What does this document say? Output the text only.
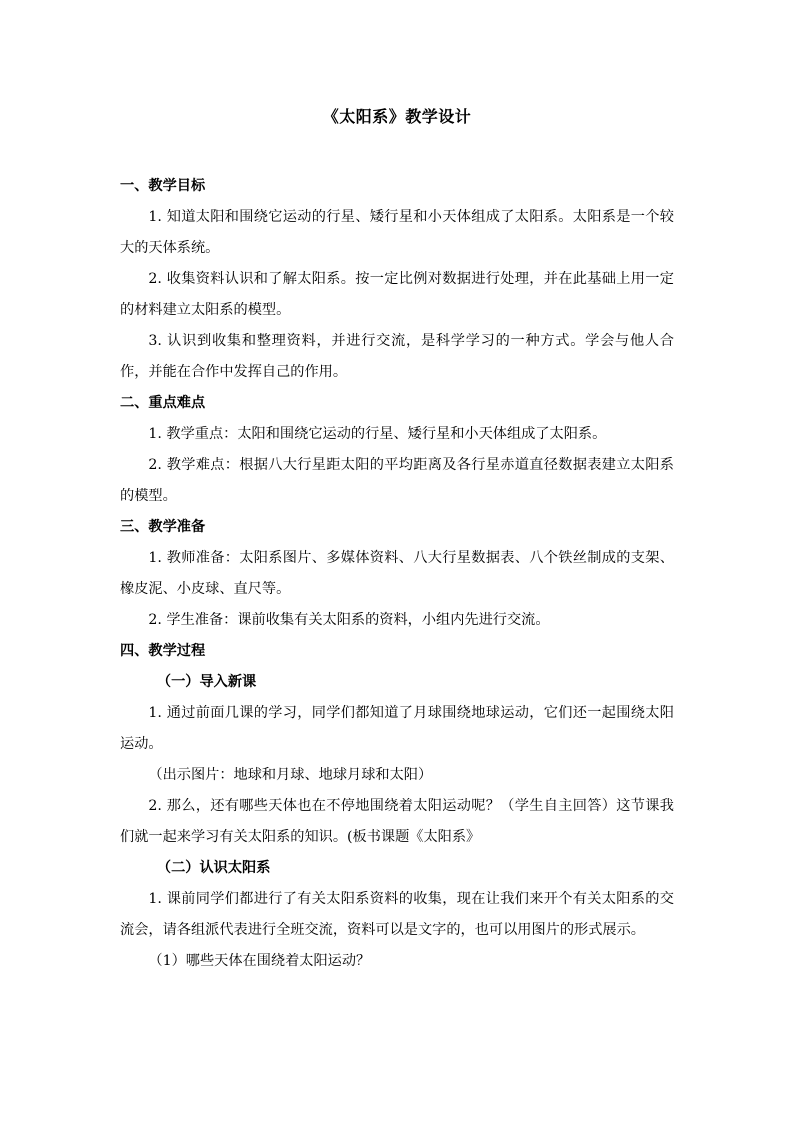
《太阳系》教学设计

一、教学目标

1. 知道太阳和围绕它运动的行星、矮行星和小天体组成了太阳系。太阳系是一个较大的天体系统。

2. 收集资料认识和了解太阳系。按一定比例对数据进行处理，并在此基础上用一定的材料建立太阳系的模型。

3. 认识到收集和整理资料，并进行交流，是科学学习的一种方式。学会与他人合作，并能在合作中发挥自己的作用。

二、重点难点

1. 教学重点：太阳和围绕它运动的行星、矮行星和小天体组成了太阳系。

2. 教学难点：根据八大行星距太阳的平均距离及各行星赤道直径数据表建立太阳系的模型。

三、教学准备

1. 教师准备：太阳系图片、多媒体资料、八大行星数据表、八个铁丝制成的支架、橡皮泥、小皮球、直尺等。

2. 学生准备：课前收集有关太阳系的资料，小组内先进行交流。

四、教学过程

（一）导入新课

1. 通过前面几课的学习，同学们都知道了月球围绕地球运动，它们还一起围绕太阳运动。

（出示图片：地球和月球、地球月球和太阳）

2. 那么，还有哪些天体也在不停地围绕着太阳运动呢？（学生自主回答）这节课我们就一起来学习有关太阳系的知识。(板书课题《太阳系》

（二）认识太阳系

1. 课前同学们都进行了有关太阳系资料的收集，现在让我们来开个有关太阳系的交流会，请各组派代表进行全班交流，资料可以是文字的，也可以用图片的形式展示。

（1）哪些天体在围绕着太阳运动？
